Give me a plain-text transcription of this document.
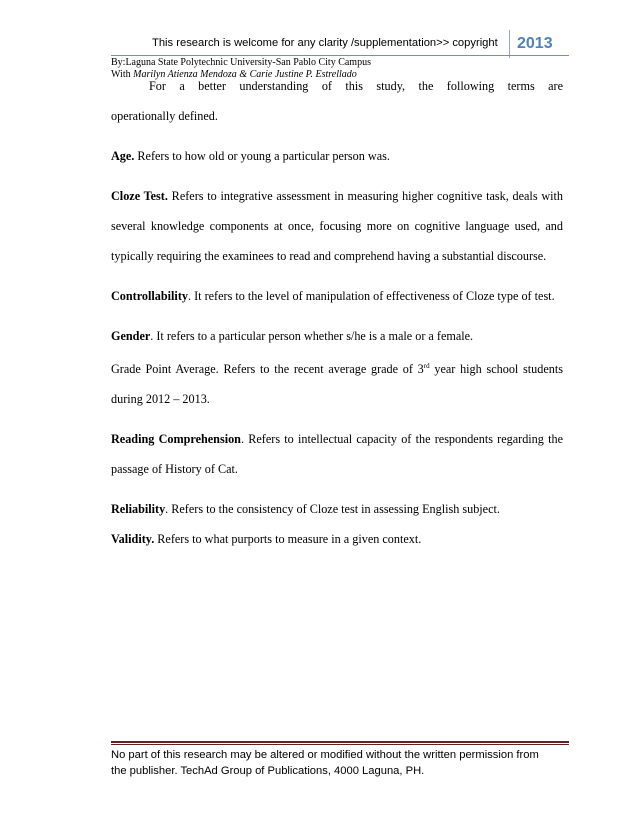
This research is welcome for any clarity /supplementation>> copyright	2013
By:Laguna State Polytechnic University-San Pablo City Campus
With Marilyn Atienza Mendoza & Carie Justine P. Estrellado

For a better understanding of this study, the following terms are
operationally defined.

Age. Refers to how old or young a particular person was.

Cloze Test. Refers to integrative assessment in measuring higher cognitive task, deals with several knowledge components at once, focusing more on cognitive language used, and typically requiring the examinees to read and comprehend having a substantial discourse.

Controllability. It refers to the level of manipulation of effectiveness of Cloze type of test.

Gender. It refers to a particular person whether s/he is a male or a female.

Grade Point Average. Refers to the recent average grade of 3rd year high school students during 2012 – 2013.

Reading Comprehension. Refers to intellectual capacity of the respondents regarding the passage of History of Cat.

Reliability. Refers to the consistency of Cloze test in assessing English subject.

Validity. Refers to what purports to measure in a given context.

No part of this research may be altered or modified without the written permission from
the publisher. TechAd Group of Publications, 4000 Laguna, PH.
